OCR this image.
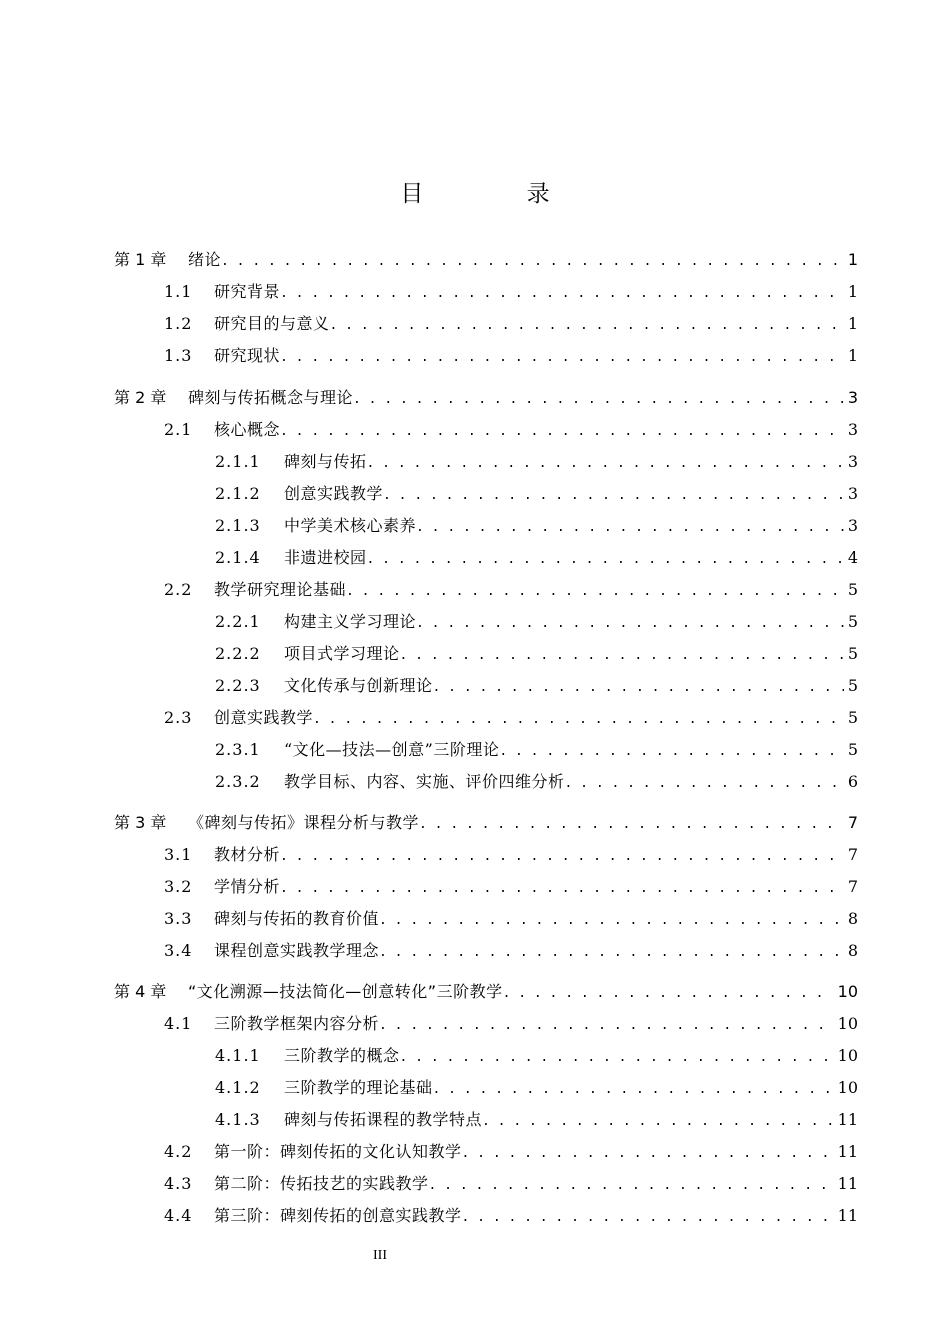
目 录
第 1 章	绪论 . . .	1
1.1	研究背景 . . .	1
1.2	研究目的与意义 . . .	1
1.3	研究现状 . . .	1
第 2 章	碑刻与传拓概念与理论 . . .	3
2.1	核心概念 . . .	3
2.1.1	碑刻与传拓 . . .	3
2.1.2	创意实践教学 . . .	3
2.1.3	中学美术核心素养 . . .	3
2.1.4	非遗进校园 . . .	4
2.2	教学研究理论基础 . . .	5
2.2.1	构建主义学习理论 . . .	5
2.2.2	项目式学习理论 . . .	5
2.2.3	文化传承与创新理论 . . .	5
2.3	创意实践教学 . . .	5
2.3.1	“文化—技法—创意”三阶理论 . . .	5
2.3.2	教学目标、内容、实施、评价四维分析 . . .	6
第 3 章	《碑刻与传拓》课程分析与教学 . . .	7
3.1	教材分析 . . .	7
3.2	学情分析 . . .	7
3.3	碑刻与传拓的教育价值 . . .	8
3.4	课程创意实践教学理念 . . .	8
第 4 章	“文化溯源—技法简化—创意转化”三阶教学 . . .	10
4.1	三阶教学框架内容分析 . . .	10
4.1.1	三阶教学的概念 . . .	10
4.1.2	三阶教学的理论基础 . . .	10
4.1.3	碑刻与传拓课程的教学特点 . . .	11
4.2	第一阶：碑刻传拓的文化认知教学 . . .	11
4.3	第二阶：传拓技艺的实践教学 . . .	11
4.4	第三阶：碑刻传拓的创意实践教学 . . .	11
III
